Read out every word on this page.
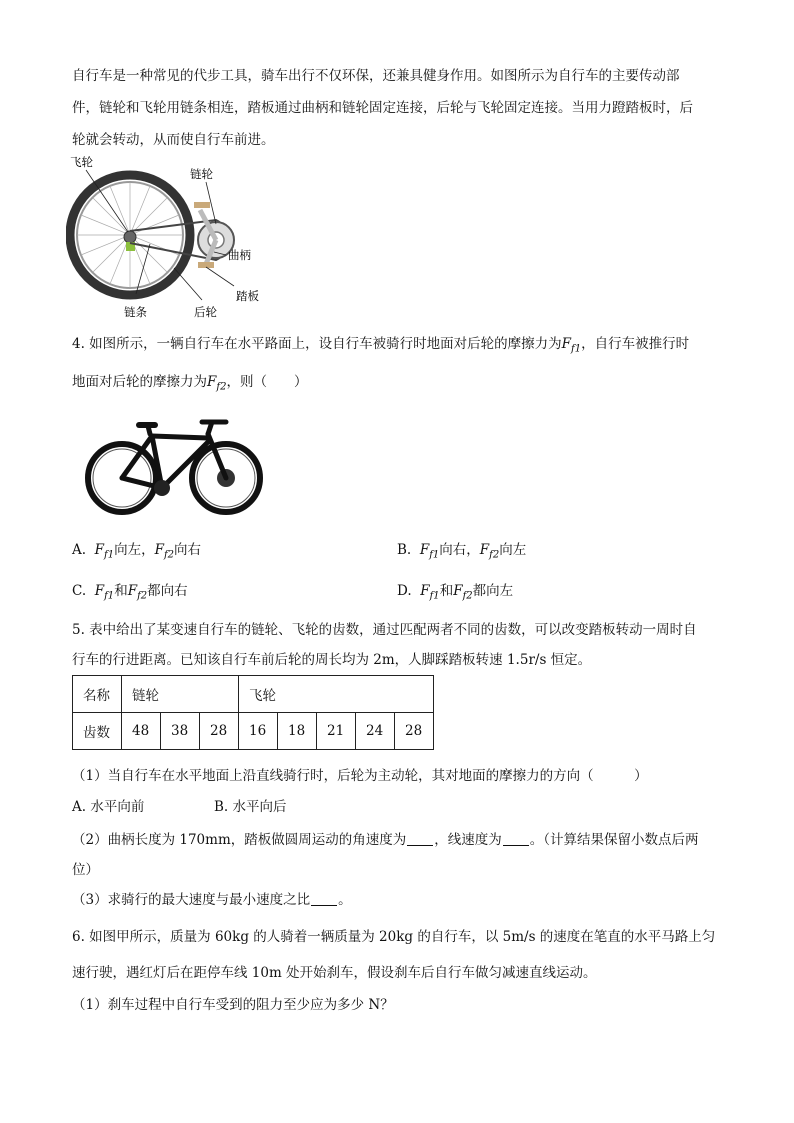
自行车是一种常见的代步工具，骑车出行不仅环保，还兼具健身作用。如图所示为自行车的主要传动部
件，链轮和飞轮用链条相连，踏板通过曲柄和链轮固定连接，后轮与飞轮固定连接。当用力蹬踏板时，后
轮就会转动，从而使自行车前进。
飞轮
链轮
曲柄
踏板
链条	后轮
4. 如图所示，一辆自行车在水平路面上，设自行车被骑行时地面对后轮的摩擦力为$F_{f1}$，自行车被推行时
地面对后轮的摩擦力为$F_{f2}$，则（　　）
A. $F_{f1}$向左，$F_{f2}$向右	B. $F_{f1}$向右，$F_{f2}$向左
C. $F_{f1}$和$F_{f2}$都向右	D. $F_{f1}$和$F_{f2}$都向左
5. 表中给出了某变速自行车的链轮、飞轮的齿数，通过匹配两者不同的齿数，可以改变踏板转动一周时自
行车的行进距离。已知该自行车前后轮的周长均为 2m，人脚踩踏板转速 1.5r/s 恒定。
名称	链轮			飞轮				
齿数	48	38	28	16	18	21	24	28
（1）当自行车在水平地面上沿直线骑行时，后轮为主动轮，其对地面的摩擦力的方向（　　　）
A. 水平向前	B. 水平向后
（2）曲柄长度为 170mm，踏板做圆周运动的角速度为 ，线速度为 。（计算结果保留小数点后两
位）
（3）求骑行的最大速度与最小速度之比 。
6. 如图甲所示，质量为 60kg 的人骑着一辆质量为 20kg 的自行车，以 5m/s 的速度在笔直的水平马路上匀
速行驶，遇红灯后在距停车线 10m 处开始刹车，假设刹车后自行车做匀减速直线运动。
（1）刹车过程中自行车受到的阻力至少应为多少 N？
